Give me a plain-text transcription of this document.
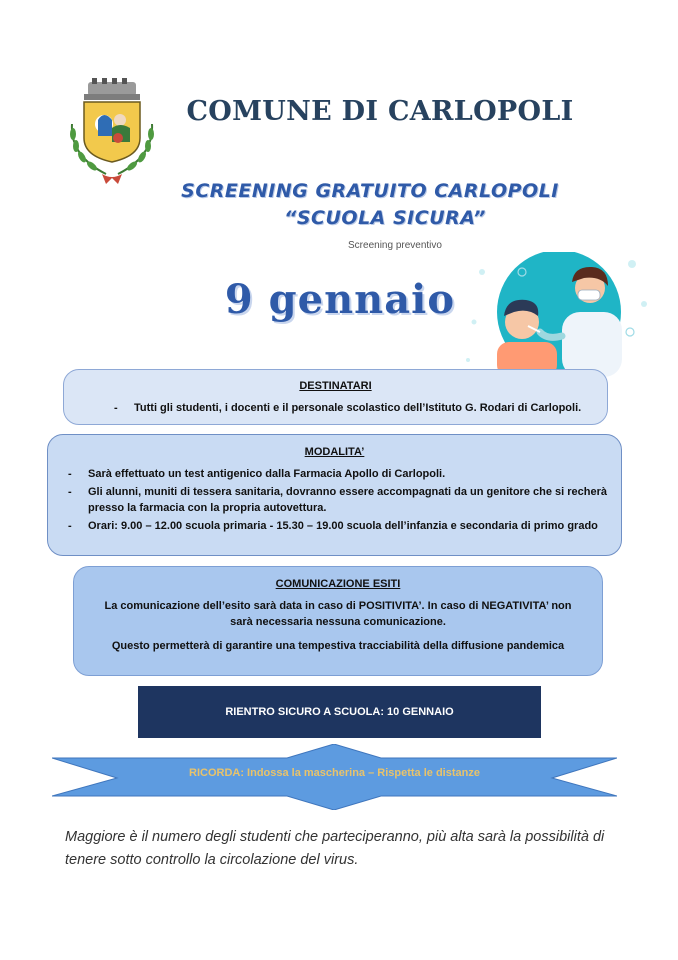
COMUNE DI CARLOPOLI
SCREENING GRATUITO CARLOPOLI
“SCUOLA SICURA”
Screening preventivo
9 gennaio
DESTINATARI
- Tutti gli studenti, i docenti e il personale scolastico dell’Istituto G. Rodari di Carlopoli.
MODALITA’
- Sarà effettuato un test antigenico dalla Farmacia Apollo di Carlopoli.
- Gli alunni, muniti di tessera sanitaria, dovranno essere accompagnati da un genitore che si recherà presso la farmacia con la propria autovettura.
- Orari: 9.00 – 12.00 scuola primaria - 15.30 – 19.00 scuola dell’infanzia e secondaria di primo grado
COMUNICAZIONE ESITI

La comunicazione dell’esito sarà data in caso di POSITIVITA’. In caso di NEGATIVITA’ non sarà necessaria nessuna comunicazione.

Questo permetterà di garantire una tempestiva tracciabilità della diffusione pandemica

RIENTRO SICURO A SCUOLA: 10 GENNAIO
RICORDA: Indossa la mascherina – Rispetta le distanze
Maggiore è il numero degli studenti che parteciperanno, più alta sarà la possibilità di tenere sotto controllo la circolazione del virus.
